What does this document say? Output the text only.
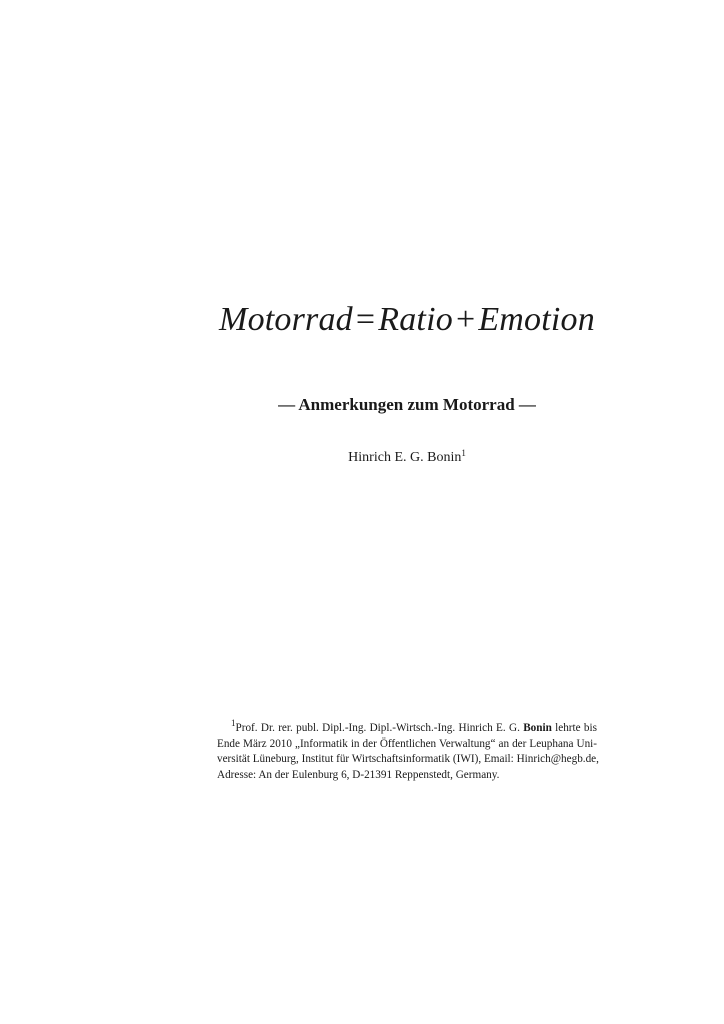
Motorrad=Ratio+Emotion
— Anmerkungen zum Motorrad —
Hinrich E. G. Bonin$^1$
$^1$Prof. Dr. rer. publ. Dipl.-Ing. Dipl.-Wirtsch.-Ing. Hinrich E. G. Bonin lehrte bis
Ende März 2010 „Informatik in der Öffentlichen Verwaltung“ an der Leuphana Uni-
versität Lüneburg, Institut für Wirtschaftsinformatik (IWI), Email: Hinrich@hegb.de,
Adresse: An der Eulenburg 6, D-21391 Reppenstedt, Germany.
